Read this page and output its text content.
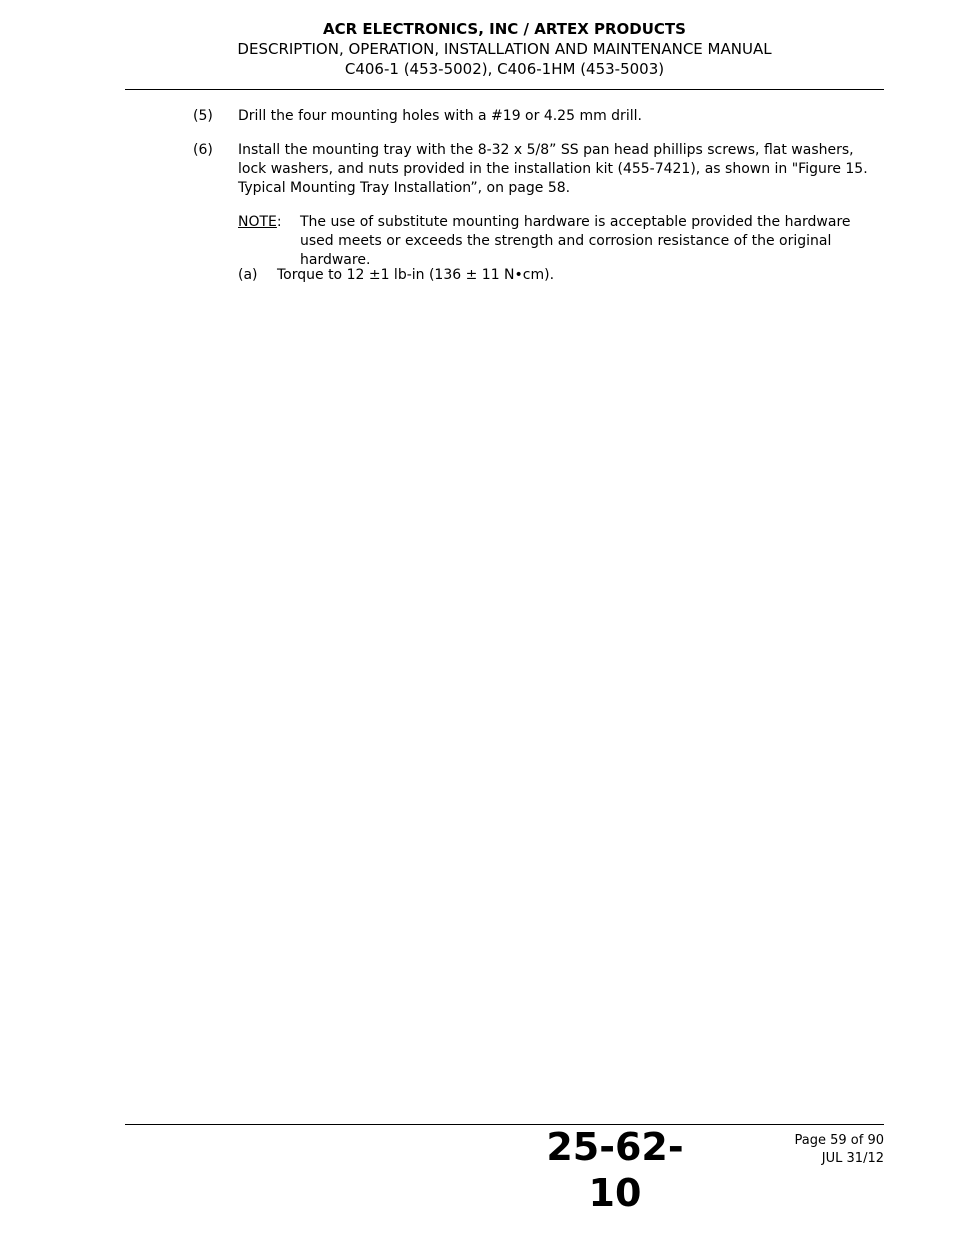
ACR ELECTRONICS, INC / ARTEX PRODUCTS
DESCRIPTION, OPERATION, INSTALLATION AND MAINTENANCE MANUAL
C406-1 (453-5002), C406-1HM (453-5003)
(5) Drill the four mounting holes with a #19 or 4.25 mm drill.
(6) Install the mounting tray with the 8-32 x 5/8” SS pan head phillips screws, flat washers, lock washers, and nuts provided in the installation kit (455-7421), as shown in "Figure 15. Typical Mounting Tray Installation”, on page 58.
NOTE: The use of substitute mounting hardware is acceptable provided the hardware used meets or exceeds the strength and corrosion resistance of the original hardware.
(a) Torque to 12 ±1 lb-in (136 ± 11 N•cm).
25-62-10
Page 59 of 90
JUL 31/12
